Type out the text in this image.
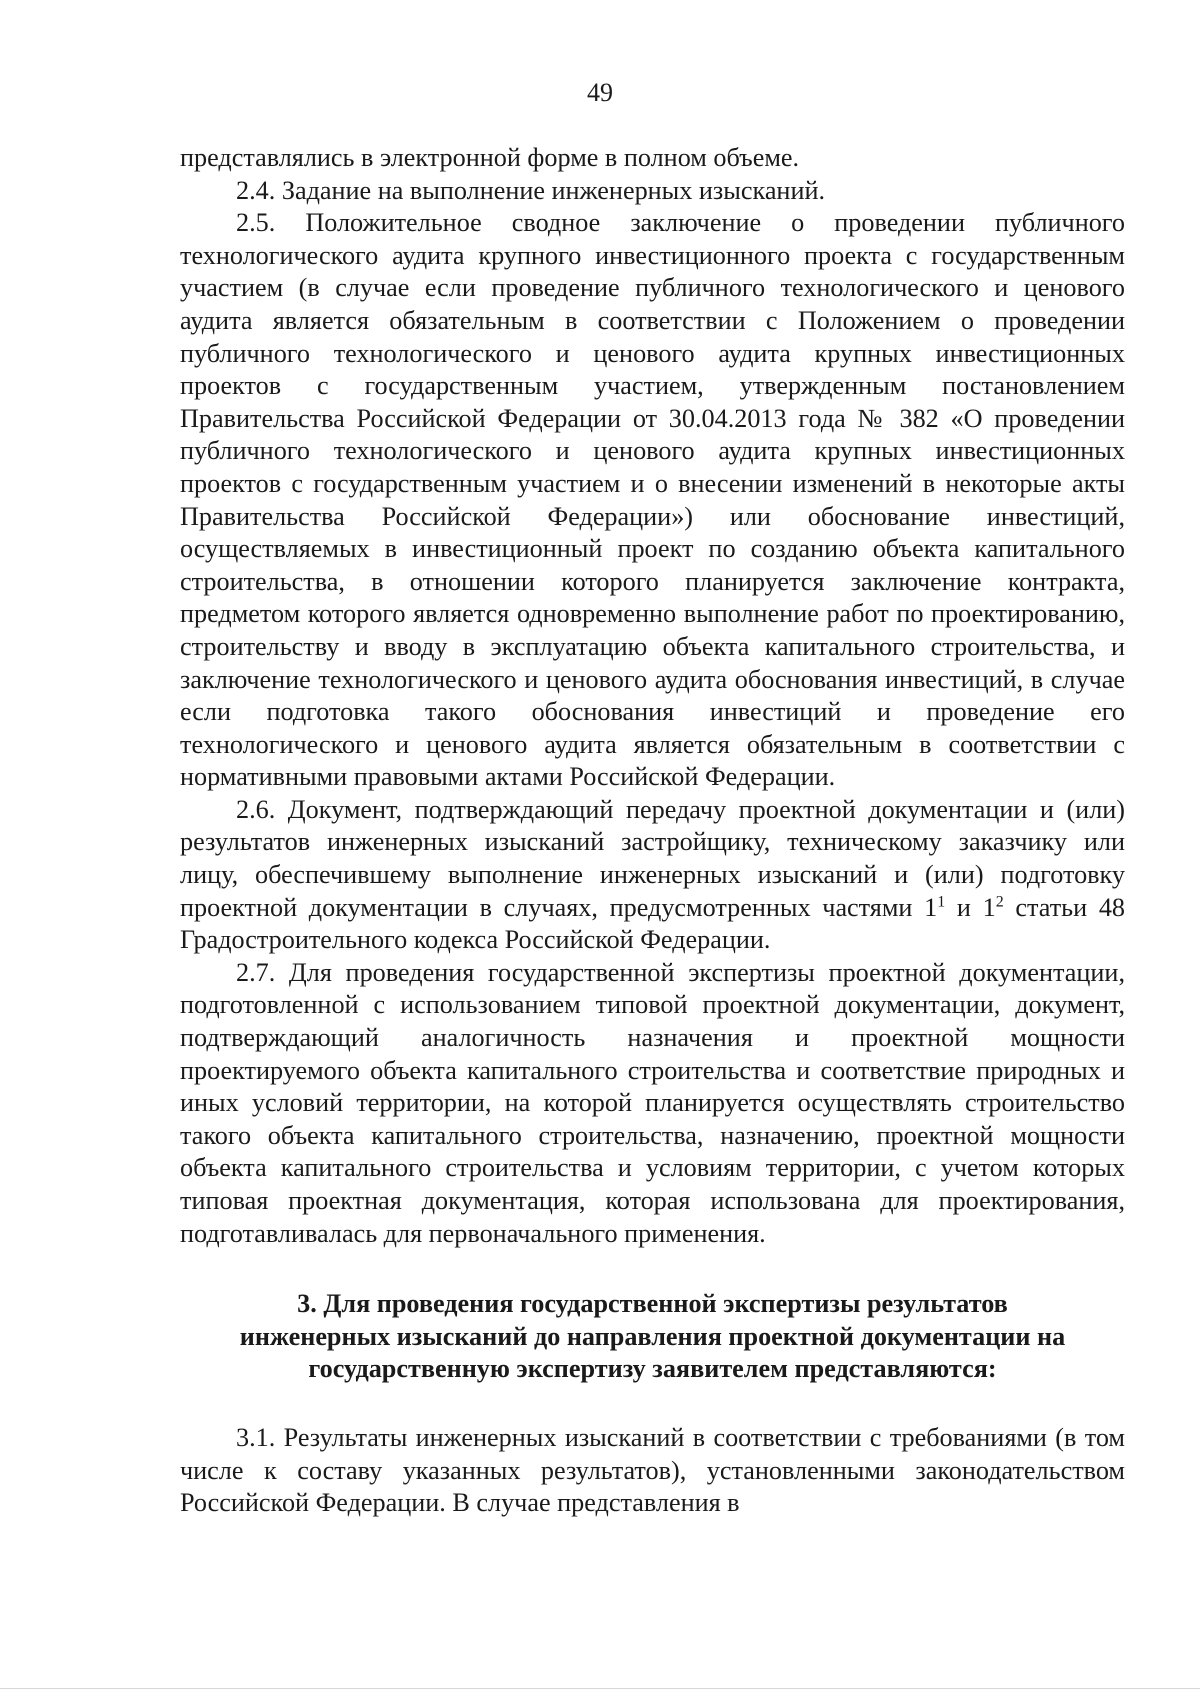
49

представлялись в электронной форме в полном объеме.

2.4. Задание на выполнение инженерных изысканий.

2.5. Положительное сводное заключение о проведении публичного технологического аудита крупного инвестиционного проекта с государственным участием (в случае если проведение публичного технологического и ценового аудита является обязательным в соответствии с Положением о проведении публичного технологического и ценового аудита крупных инвестиционных проектов с государственным участием, утвержденным постановлением Правительства Российской Федерации от 30.04.2013 года № 382 «О проведении публичного технологического и ценового аудита крупных инвестиционных проектов с государственным участием и о внесении изменений в некоторые акты Правительства Российской Федерации») или обоснование инвестиций, осуществляемых в инвестиционный проект по созданию объекта капитального строительства, в отношении которого планируется заключение контракта, предметом которого является одновременно выполнение работ по проектированию, строительству и вводу в эксплуатацию объекта капитального строительства, и заключение технологического и ценового аудита обоснования инвестиций, в случае если подготовка такого обоснования инвестиций и проведение его технологического и ценового аудита является обязательным в соответствии с нормативными правовыми актами Российской Федерации.

2.6. Документ, подтверждающий передачу проектной документации и (или) результатов инженерных изысканий застройщику, техническому заказчику или лицу, обеспечившему выполнение инженерных изысканий и (или) подготовку проектной документации в случаях, предусмотренных частями $1^1$ и $1^2$ статьи 48 Градостроительного кодекса Российской Федерации.

2.7. Для проведения государственной экспертизы проектной документации, подготовленной с использованием типовой проектной документации, документ, подтверждающий аналогичность назначения и проектной мощности проектируемого объекта капитального строительства и соответствие природных и иных условий территории, на которой планируется осуществлять строительство такого объекта капитального строительства, назначению, проектной мощности объекта капитального строительства и условиям территории, с учетом которых типовая проектная документация, которая использована для проектирования, подготавливалась для первоначального применения.

3. Для проведения государственной экспертизы результатов
инженерных изысканий до направления проектной документации на
государственную экспертизу заявителем представляются:

3.1. Результаты инженерных изысканий в соответствии с требованиями (в том числе к составу указанных результатов), установленными законодательством Российской Федерации. В случае представления в
